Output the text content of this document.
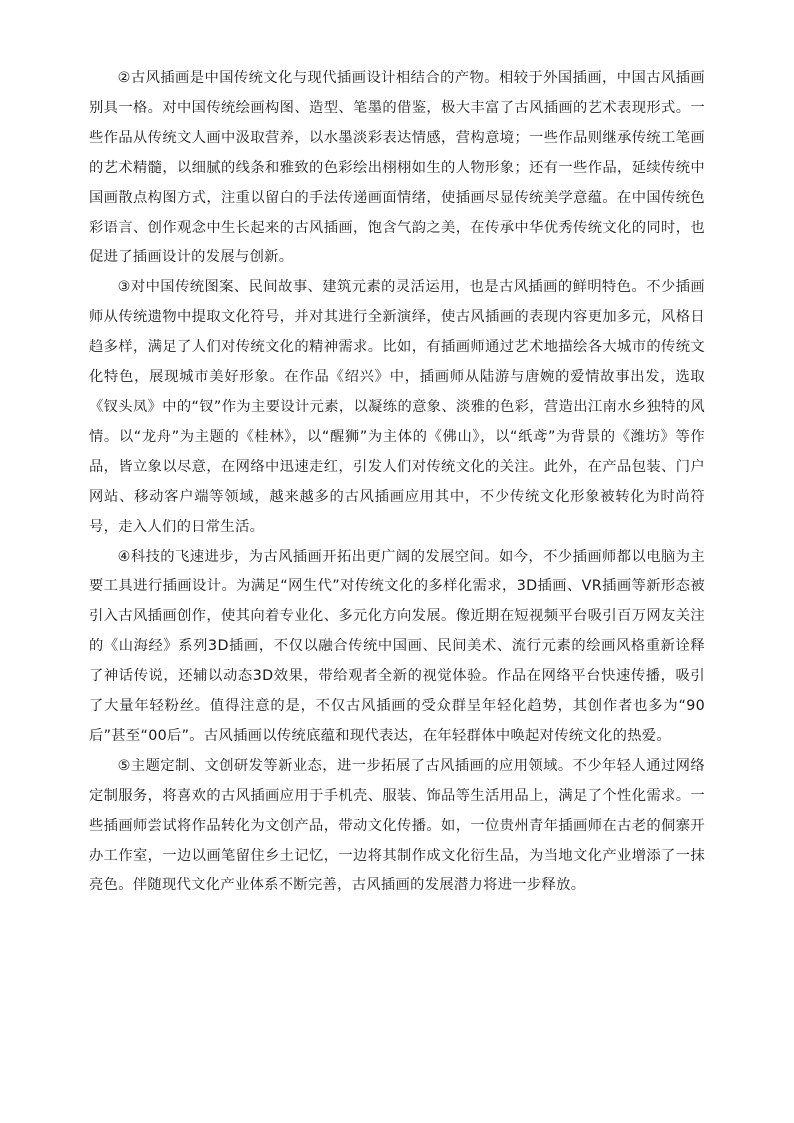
②古风插画是中国传统文化与现代插画设计相结合的产物。相较于外国插画，中国古风插画别具一格。对中国传统绘画构图、造型、笔墨的借鉴，极大丰富了古风插画的艺术表现形式。一些作品从传统文人画中汲取营养，以水墨淡彩表达情感，营构意境；一些作品则继承传统工笔画的艺术精髓，以细腻的线条和雅致的色彩绘出栩栩如生的人物形象；还有一些作品，延续传统中国画散点构图方式，注重以留白的手法传递画面情绪，使插画尽显传统美学意蕴。在中国传统色彩语言、创作观念中生长起来的古风插画，饱含气韵之美，在传承中华优秀传统文化的同时，也促进了插画设计的发展与创新。

③对中国传统图案、民间故事、建筑元素的灵活运用，也是古风插画的鲜明特色。不少插画师从传统遗物中提取文化符号，并对其进行全新演绎，使古风插画的表现内容更加多元，风格日趋多样，满足了人们对传统文化的精神需求。比如，有插画师通过艺术地描绘各大城市的传统文化特色，展现城市美好形象。在作品《绍兴》中，插画师从陆游与唐婉的爱情故事出发，选取《钗头凤》中的“钗”作为主要设计元素，以凝练的意象、淡雅的色彩，营造出江南水乡独特的风情。以“龙舟”为主题的《桂林》，以“醒狮”为主体的《佛山》，以“纸鸢”为背景的《潍坊》等作品，皆立象以尽意，在网络中迅速走红，引发人们对传统文化的关注。此外，在产品包装、门户网站、移动客户端等领域，越来越多的古风插画应用其中，不少传统文化形象被转化为时尚符号，走入人们的日常生活。

④科技的飞速进步，为古风插画开拓出更广阔的发展空间。如今，不少插画师都以电脑为主要工具进行插画设计。为满足“网生代”对传统文化的多样化需求，3D插画、VR插画等新形态被引入古风插画创作，使其向着专业化、多元化方向发展。像近期在短视频平台吸引百万网友关注的《山海经》系列3D插画，不仅以融合传统中国画、民间美术、流行元素的绘画风格重新诠释了神话传说，还辅以动态3D效果，带给观者全新的视觉体验。作品在网络平台快速传播，吸引了大量年轻粉丝。值得注意的是，不仅古风插画的受众群呈年轻化趋势，其创作者也多为“90后”甚至“00后”。古风插画以传统底蕴和现代表达，在年轻群体中唤起对传统文化的热爱。

⑤主题定制、文创研发等新业态，进一步拓展了古风插画的应用领域。不少年轻人通过网络定制服务，将喜欢的古风插画应用于手机壳、服装、饰品等生活用品上，满足了个性化需求。一些插画师尝试将作品转化为文创产品，带动文化传播。如，一位贵州青年插画师在古老的侗寨开办工作室，一边以画笔留住乡土记忆，一边将其制作成文化衍生品，为当地文化产业增添了一抹亮色。伴随现代文化产业体系不断完善，古风插画的发展潜力将进一步释放。
